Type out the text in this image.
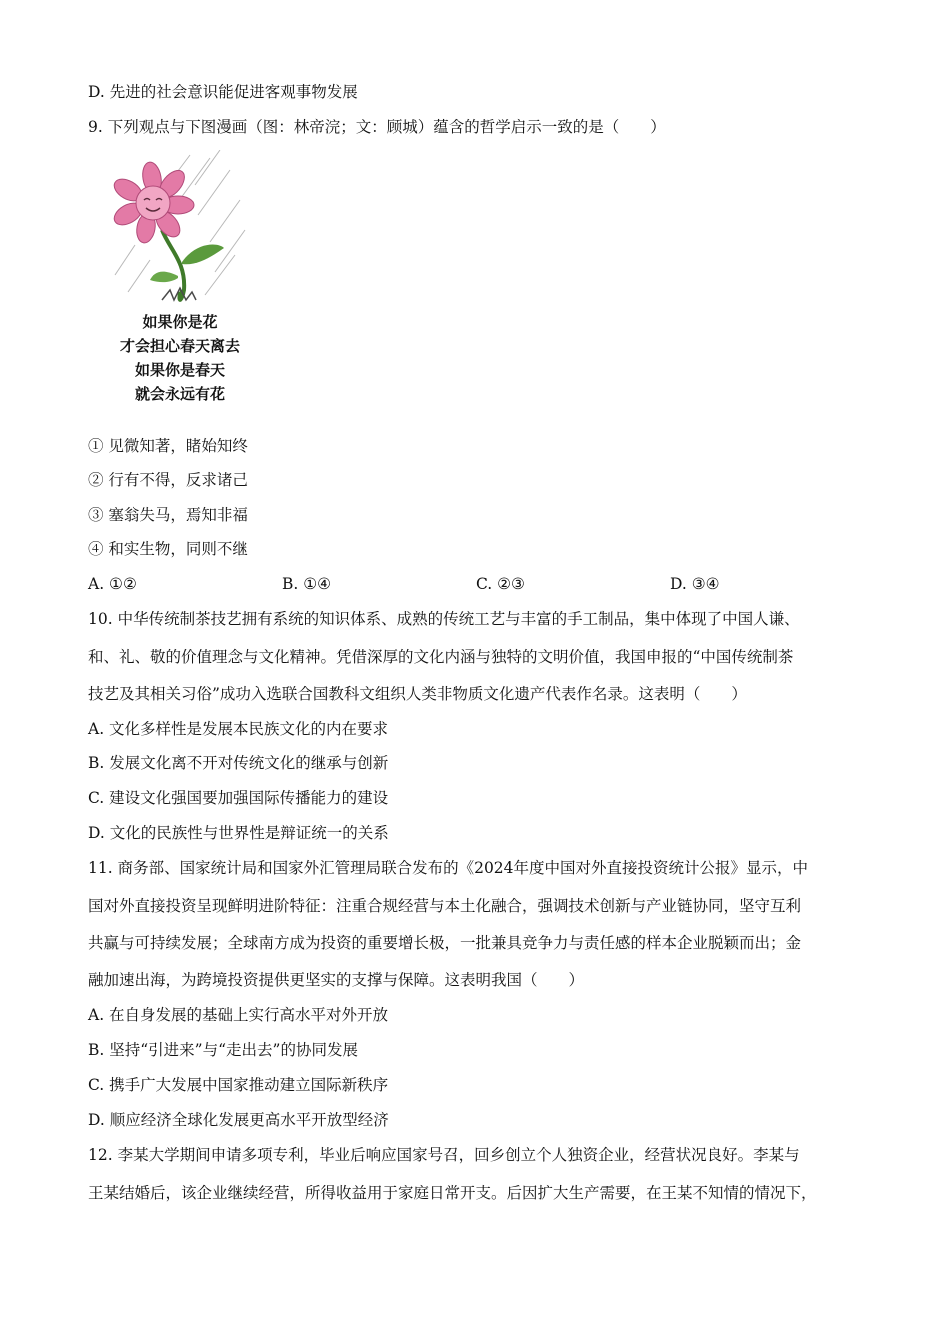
D. 先进的社会意识能促进客观事物发展
9. 下列观点与下图漫画（图：林帝浣；文：顾城）蕴含的哲学启示一致的是（　　）
如果你是花
才会担心春天离去
如果你是春天
就会永远有花
① 见微知著，睹始知终
② 行有不得，反求诸己
③ 塞翁失马，焉知非福
④ 和实生物，同则不继
A. ①②	B. ①④	C. ②③	D. ③④
10. 中华传统制茶技艺拥有系统的知识体系、成熟的传统工艺与丰富的手工制品，集中体现了中国人谦、
和、礼、敬的价值理念与文化精神。凭借深厚的文化内涵与独特的文明价值，我国申报的“中国传统制茶
技艺及其相关习俗”成功入选联合国教科文组织人类非物质文化遗产代表作名录。这表明（　　）
A. 文化多样性是发展本民族文化的内在要求
B. 发展文化离不开对传统文化的继承与创新
C. 建设文化强国要加强国际传播能力的建设
D. 文化的民族性与世界性是辩证统一的关系
11. 商务部、国家统计局和国家外汇管理局联合发布的《2024年度中国对外直接投资统计公报》显示，中
国对外直接投资呈现鲜明进阶特征：注重合规经营与本土化融合，强调技术创新与产业链协同，坚守互利
共赢与可持续发展；全球南方成为投资的重要增长极，一批兼具竞争力与责任感的样本企业脱颖而出；金
融加速出海，为跨境投资提供更坚实的支撑与保障。这表明我国（　　）
A. 在自身发展的基础上实行高水平对外开放
B. 坚持“引进来”与“走出去”的协同发展
C. 携手广大发展中国家推动建立国际新秩序
D. 顺应经济全球化发展更高水平开放型经济
12. 李某大学期间申请多项专利，毕业后响应国家号召，回乡创立个人独资企业，经营状况良好。李某与
王某结婚后，该企业继续经营，所得收益用于家庭日常开支。后因扩大生产需要，在王某不知情的情况下，
